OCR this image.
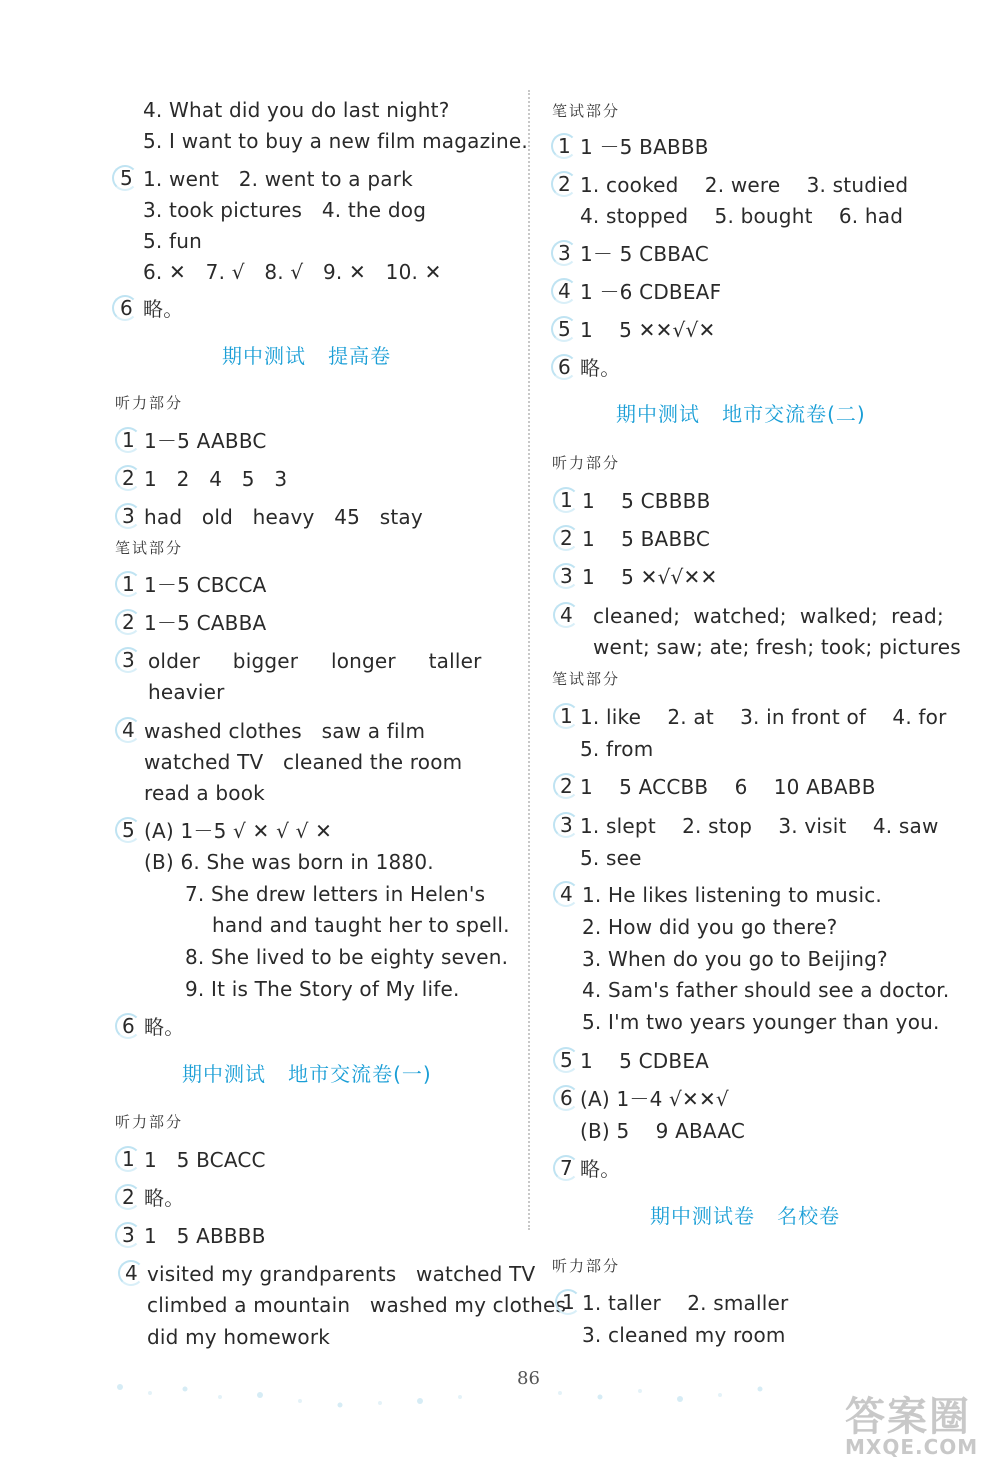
4. What did you do last night?
5. I want to buy a new film magazine.
5 1. went   2. went to a park
3. took pictures   4. the dog
5. fun
6. ✕   7. √   8. √   9. ✕   10. ✕
6 略。
期中测试   提高卷
听力部分
1 1－5 AABBC
2 1   2   4   5   3
3 had   old   heavy   45   stay
笔试部分
1 1－5 CBCCA
2 1－5 CABBA
3 older     bigger     longer     taller
heavier
4 washed clothes   saw a film
watched TV   cleaned the room
read a book
5 (A) 1－5 √ ✕ √ √ ✕
(B) 6. She was born in 1880.
7. She drew letters in Helen's
hand and taught her to spell.
8. She lived to be eighty seven.
9. It is The Story of My life.
6 略。
期中测试   地市交流卷(一)
听力部分
1 1   5 BCACC
2 略。
3 1   5 ABBBB
4 visited my grandparents   watched TV
climbed a mountain   washed my clothes
did my homework
笔试部分
1 1 －5 BABBB
2 1. cooked    2. were    3. studied
4. stopped    5. bought    6. had
3 1－ 5 CBBAC
4 1 －6 CDBEAF
5 1    5 ✕✕√√✕
6 略。
期中测试   地市交流卷(二)
听力部分
1 1    5 CBBBB
2 1    5 BABBC
3 1    5 ✕√√✕✕
4 cleaned;  watched;  walked;  read;
went; saw; ate; fresh; took; pictures
笔试部分
1 1. like    2. at    3. in front of    4. for
5. from
2 1    5 ACCBB    6    10 ABABB
3 1. slept    2. stop    3. visit    4. saw
5. see
4 1. He likes listening to music.
2. How did you go there?
3. When do you go to Beijing?
4. Sam's father should see a doctor.
5. I'm two years younger than you.
5 1    5 CDBEA
6 (A) 1－4 √✕✕√
(B) 5    9 ABAAC
7 略。
期中测试卷   名校卷
听力部分
1 1. taller    2. smaller
3. cleaned my room
86
答案圈
MXQE.COM
